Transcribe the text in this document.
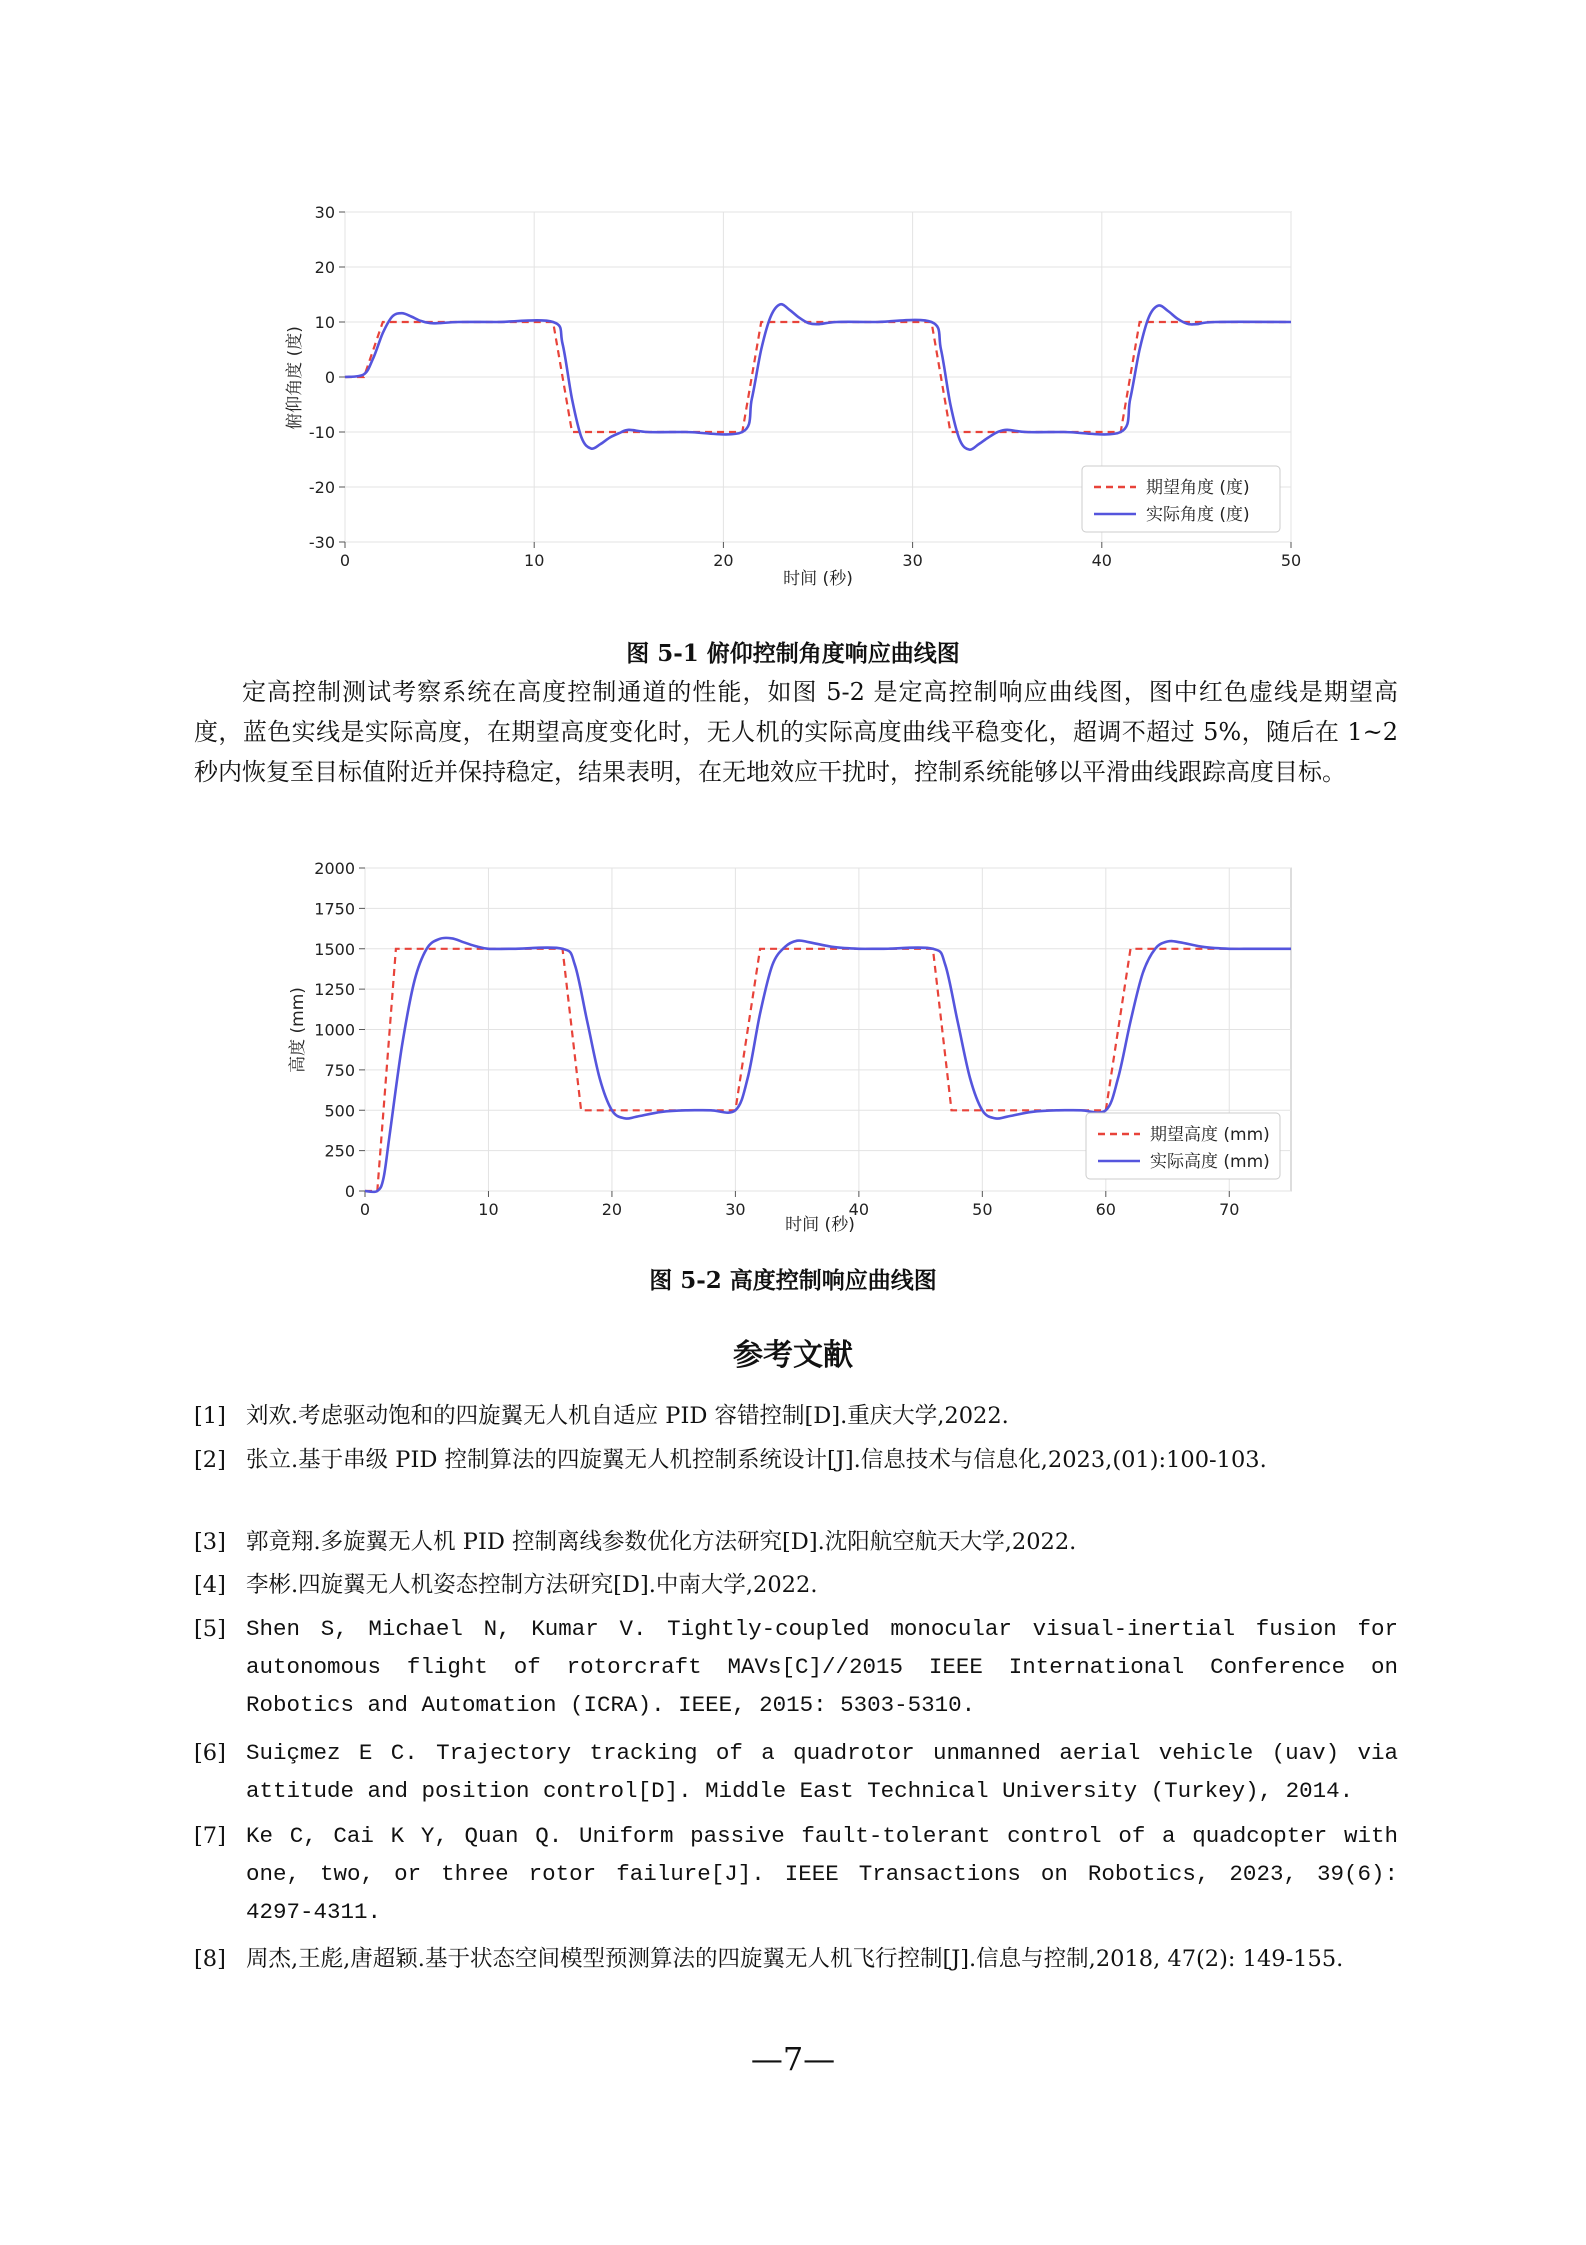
-30
-20
-10
0
10
20
30
0	10	20	30	40	50
时间 (秒)
俯仰角度 (度)
期望角度 (度)
实际角度 (度)
图 5-1 俯仰控制角度响应曲线图

定高控制测试考察系统在高度控制通道的性能，如图 5-2 是定高控制响应曲线图，图中红色虚线是期望高度，蓝色实线是实际高度，在期望高度变化时，无人机的实际高度曲线平稳变化，超调不超过 5%，随后在 1~2 秒内恢复至目标值附近并保持稳定，结果表明，在无地效应干扰时，控制系统能够以平滑曲线跟踪高度目标。

0
250
500
750
1000
1250
1500
1750
2000
0	10	20	30	40	50	60	70
时间 (秒)
高度 (mm)
期望高度 (mm)
实际高度 (mm)
图 5-2 高度控制响应曲线图
参考文献
[1] 刘欢.考虑驱动饱和的四旋翼无人机自适应 PID 容错控制[D].重庆大学,2022.
[2] 张立.基于串级 PID 控制算法的四旋翼无人机控制系统设计[J].信息技术与信息化,2023,(01):100-103.
[3] 郭竟翔.多旋翼无人机 PID 控制离线参数优化方法研究[D].沈阳航空航天大学,2022.
[4] 李彬.四旋翼无人机姿态控制方法研究[D].中南大学,2022.
[5] Shen S, Michael N, Kumar V. Tightly-coupled monocular visual-inertial fusion for autonomous flight of rotorcraft MAVs[C]//2015 IEEE International Conference on Robotics and Automation (ICRA). IEEE, 2015: 5303-5310.
[6] Suiçmez E C. Trajectory tracking of a quadrotor unmanned aerial vehicle (uav) via attitude and position control[D]. Middle East Technical University (Turkey), 2014.
[7] Ke C, Cai K Y, Quan Q. Uniform passive fault-tolerant control of a quadcopter with one, two, or three rotor failure[J]. IEEE Transactions on Robotics, 2023, 39(6): 4297-4311.
[8] 周杰,王彪,唐超颖.基于状态空间模型预测算法的四旋翼无人机飞行控制[J].信息与控制,2018, 47(2): 149-155.
—7—
